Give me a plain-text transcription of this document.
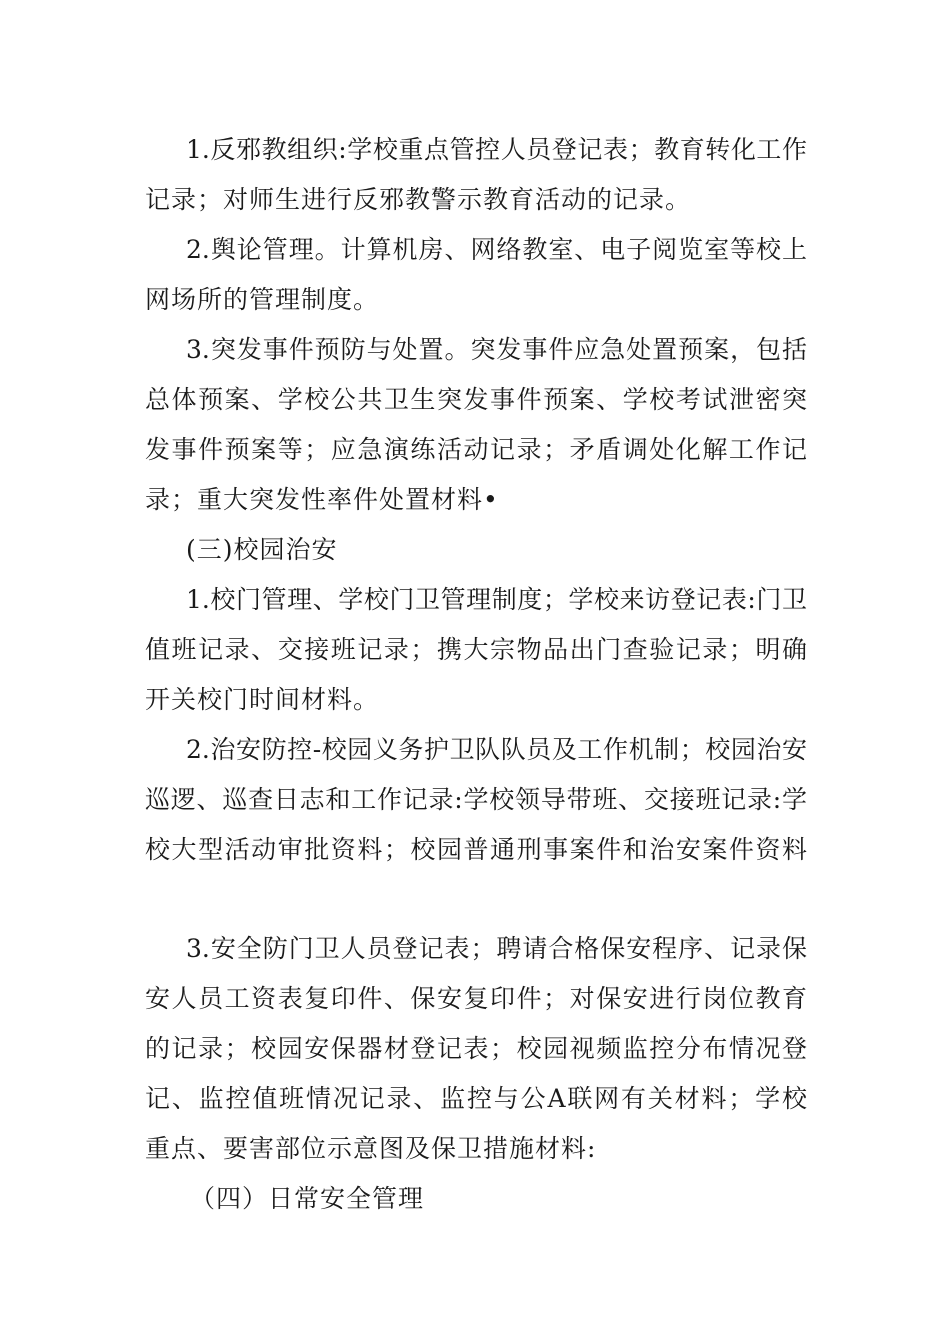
1.反邪教组织:学校重点管控人员登记表；教育转化工作
记录；对师生进行反邪教警示教育活动的记录。
2.舆论管理。计算机房、网络教室、电子阅览室等校上
网场所的管理制度。
3.突发事件预防与处置。突发事件应急处置预案，包括
总体预案、学校公共卫生突发事件预案、学校考试泄密突
发事件预案等；应急演练活动记录；矛盾调处化解工作记
录；重大突发性率件处置材料•
(三)校园治安
1.校门管理、学校门卫管理制度；学校来访登记表:门卫
值班记录、交接班记录；携大宗物品出门查验记录；明确
开关校门时间材料。
2.治安防控-校园义务护卫队队员及工作机制；校园治安
巡逻、巡查日志和工作记录:学校领导带班、交接班记录:学
校大型活动审批资料；校园普通刑事案件和治安案件资料
3.安全防门卫人员登记表；聘请合格保安程序、记录保
安人员工资表复印件、保安复印件；对保安进行岗位教育
的记录；校园安保器材登记表；校园视频监控分布情况登
记、监控值班情况记录、监控与公A联网有关材料；学校
重点、要害部位示意图及保卫措施材料:
（四）日常安全管理
